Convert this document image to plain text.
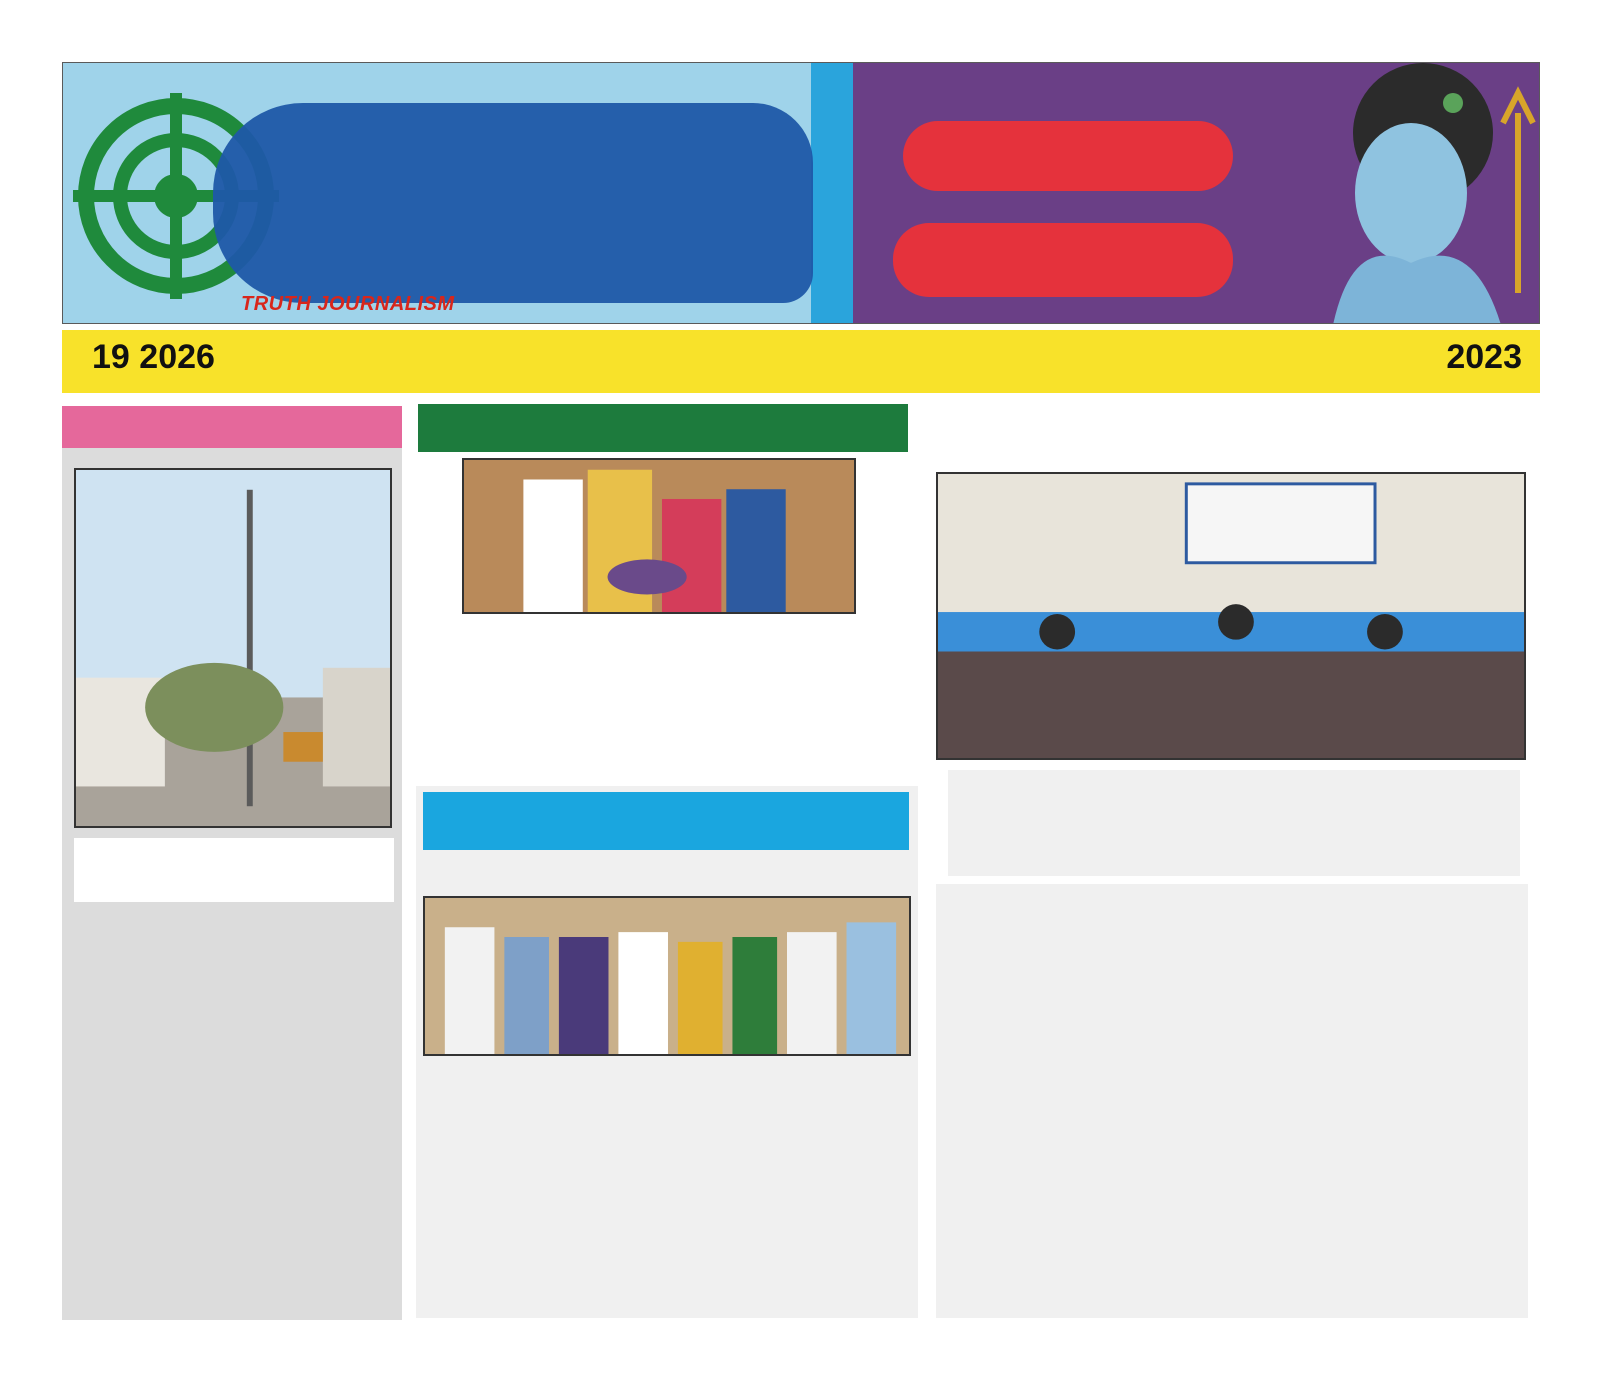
TRUTH JOURNALISM
19 2026	2023
